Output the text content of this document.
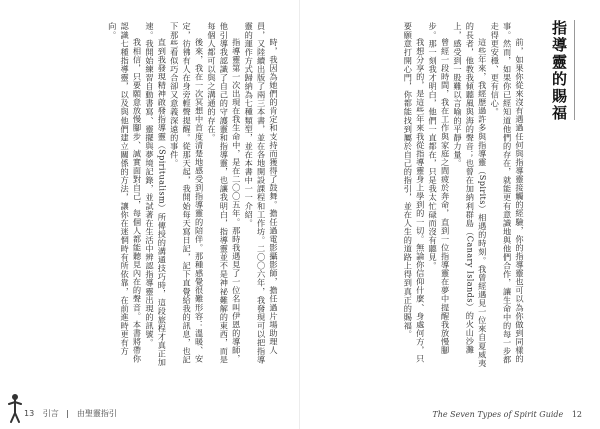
時，我因為她們的肯定和支持而獲得了鼓舞。擔任過電影攝影師，擔任過片場助理人員，又陸續出版了兩三本書，並在各地開設課程和工作坊。二〇〇六年，我發現可以把指導靈的運作方式歸納為七種類型，並在本書中一一介紹。

指導靈第一次出現在我生命中，是在二〇〇五年。那時我遇見了一位名叫伊恩的導師，他引導我認識了自己的守護靈和指導靈，也讓我明白，指導靈並不是神祕難解的東西，而是每個人都可以與之溝通的存在。

後來，我在一次冥想中首度清楚地感受到指導靈的陪伴。那種感覺很難形容：溫暖、安定，彷彿有人在身旁輕聲提醒。從那天起，我開始每天寫日記，記下直覺給我的訊息，也記下那些看似巧合卻又意義深遠的事件。

直到我發現精神啟發指導靈（Spiritualism）所傳授的溝通技巧時，這段旅程才真正加速。我開始練習自動書寫、靈擺與夢境記錄，並試著在生活中辨認指導靈出現的訊號。

我相信，只要願意放慢腳步、誠實面對自己，每個人都能聽見內在的聲音。本書將帶你認識七種指導靈，以及與他們建立關係的方法，讓你在迷惘時有所依靠，在前進時更有方向。

13 引言 由聖靈指引
指導靈的賜福

前，如果你從來沒有遇過任何與指導靈接觸的經驗，你的指導靈也可以為你做到同樣的事。然而，如果你已經知道他們的存在，就能更有意識地與他們合作，讓生命中的每一步都走得更安穩、更有信心。

這些年來，我經歷過許多與指導靈（Spirits）相遇的時刻。我曾經遇見一位來自夏威夷的長者，他教我傾聽風與海的聲音；也曾在加納利群島（Canary Islands）的火山沙灘上，感受到一股難以言喻的平靜力量。

曾經一段時間，我在工作與家庭之間疲於奔命，直到一位指導靈在夢中提醒我放慢腳步。那一刻我才明白，他們一直都在，只是我太忙碌而沒有聽見。

我想分享的，是這些年來我從指導靈身上學到的一切。無論你信仰什麼、身處何方，只要願意打開心門，你都能找到屬於自己的指引，並在人生的道路上得到真正的賜福。

The Seven Types of Spirit Guide 12
